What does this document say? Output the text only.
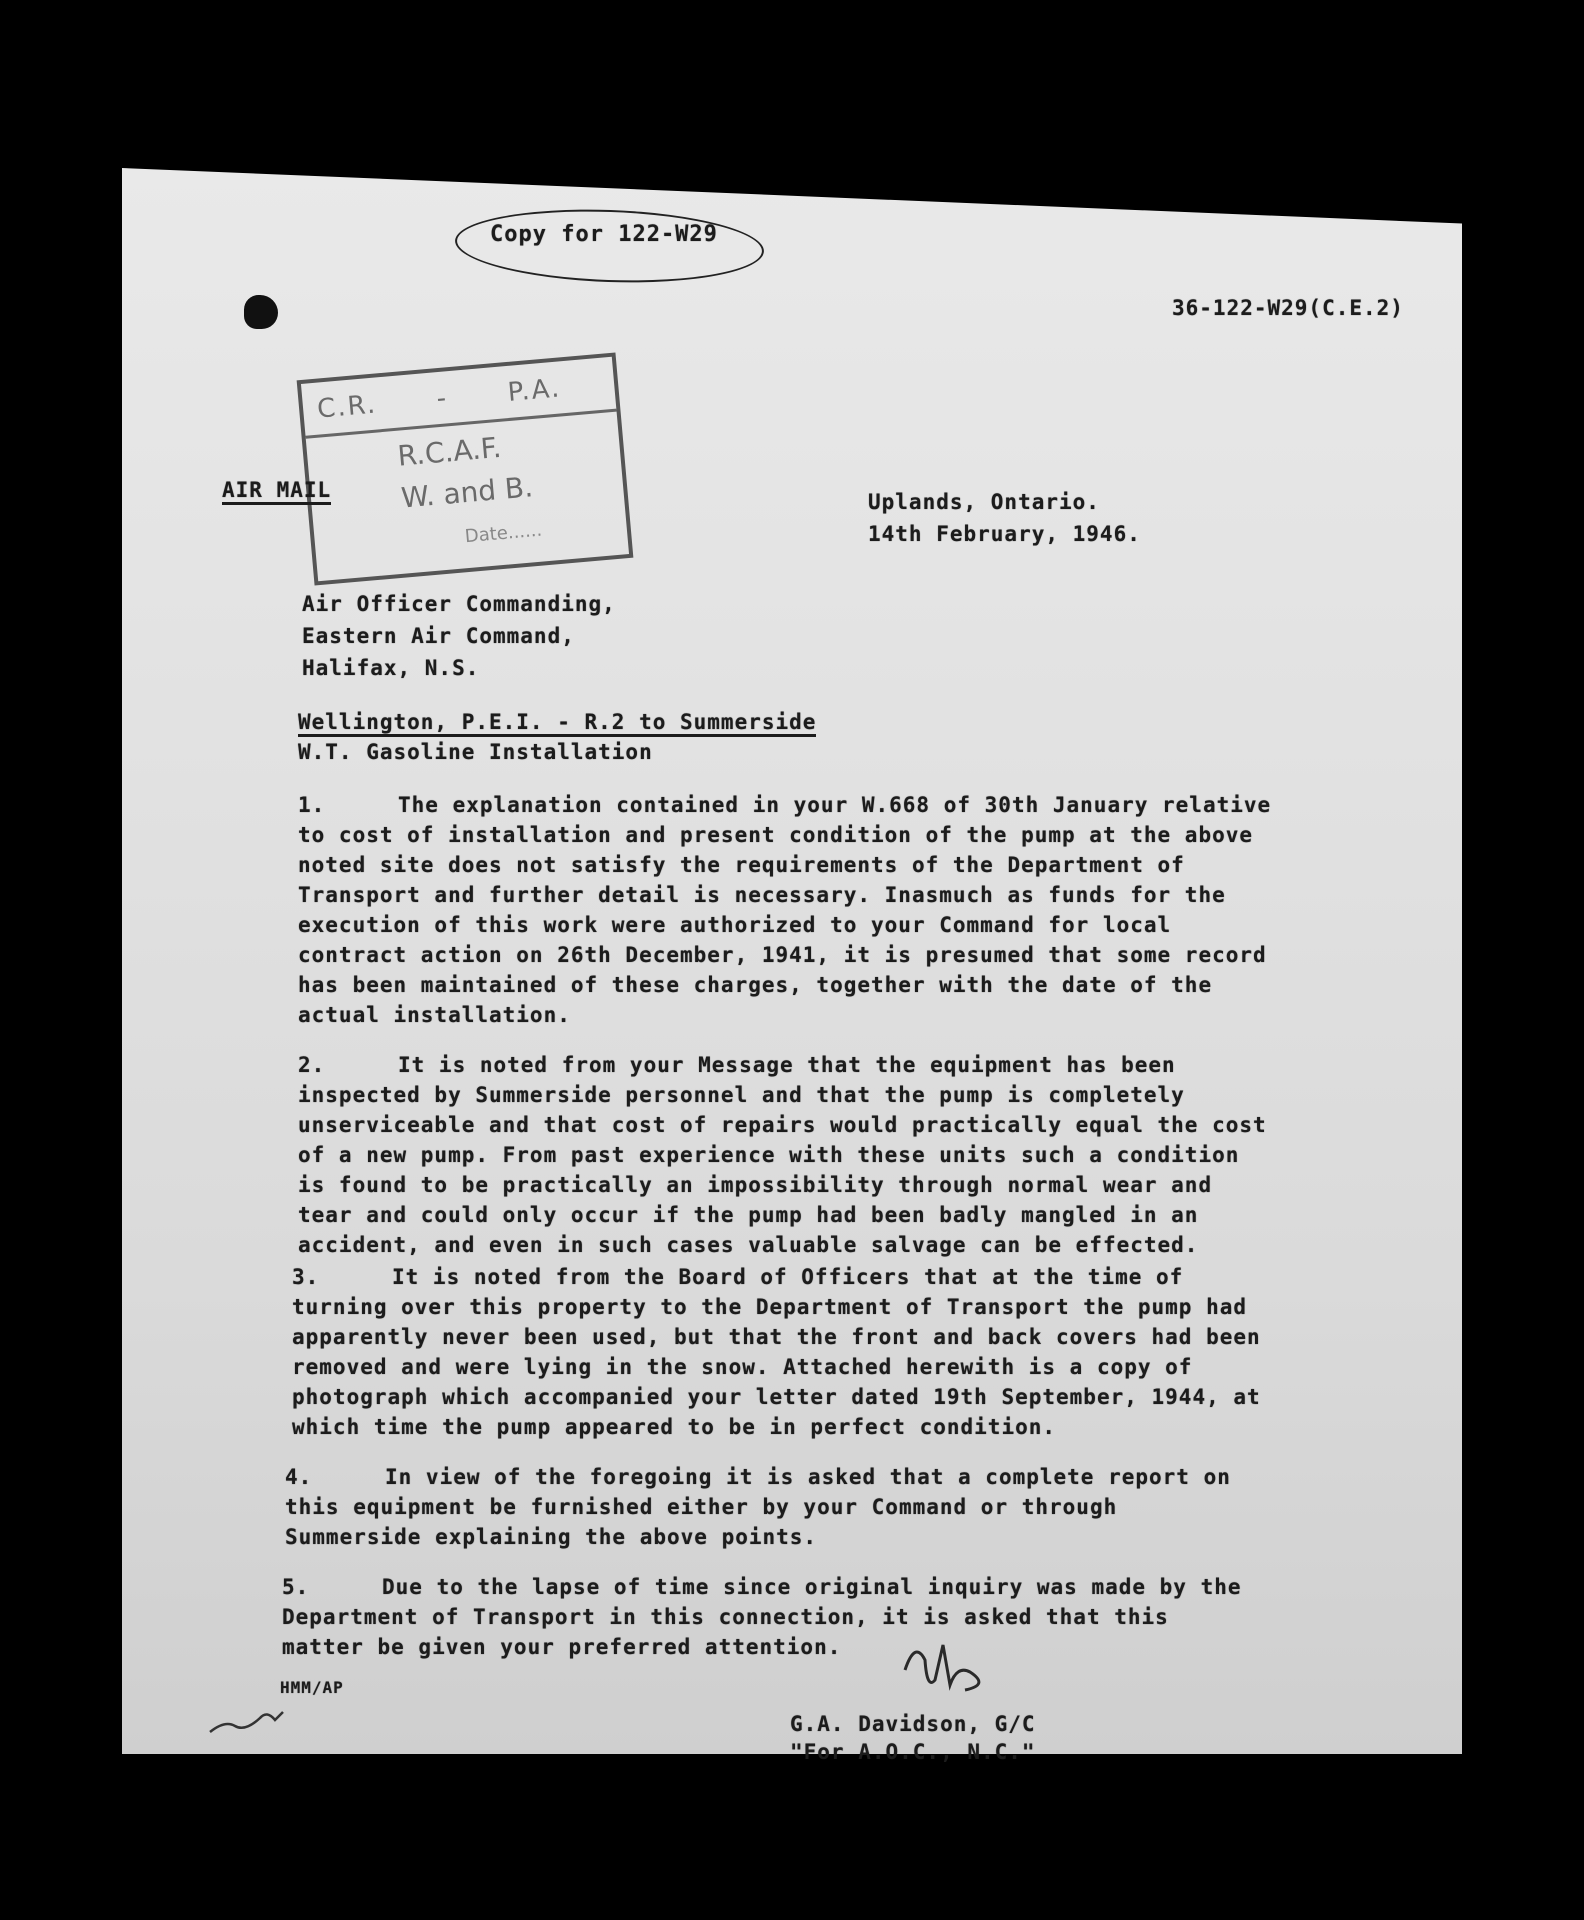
Copy for 122-W29
36-122-W29(C.E.2)
C.R. - P.A.
R.C.A.F.
W. and B.
Date......
AIR MAIL	Uplands, Ontario.
14th February, 1946.
Air Officer Commanding,
Eastern Air Command,
Halifax, N.S.
Wellington, P.E.I. - R.2 to Summerside
W.T. Gasoline Installation
1.	The explanation contained in your W.668 of 30th January relative to cost of installation and present condition of the pump at the above noted site does not satisfy the requirements of the Department of Transport and further detail is necessary. Inasmuch as funds for the execution of this work were authorized to your Command for local contract action on 26th December, 1941, it is presumed that some record has been maintained of these charges, together with the date of the actual installation.
2.	It is noted from your Message that the equipment has been inspected by Summerside personnel and that the pump is completely unserviceable and that cost of repairs would practically equal the cost of a new pump. From past experience with these units such a condition is found to be practically an impossibility through normal wear and tear and could only occur if the pump had been badly mangled in an accident, and even in such cases valuable salvage can be effected.
3.	It is noted from the Board of Officers that at the time of turning over this property to the Department of Transport the pump had apparently never been used, but that the front and back covers had been removed and were lying in the snow. Attached herewith is a copy of photograph which accompanied your letter dated 19th September, 1944, at which time the pump appeared to be in perfect condition.
4.	In view of the foregoing it is asked that a complete report on this equipment be furnished either by your Command or through Summerside explaining the above points.
5.	Due to the lapse of time since original inquiry was made by the Department of Transport in this connection, it is asked that this matter be given your preferred attention.
HMM/AP
G.A. Davidson, G/C
"For A.O.C., N.C."
